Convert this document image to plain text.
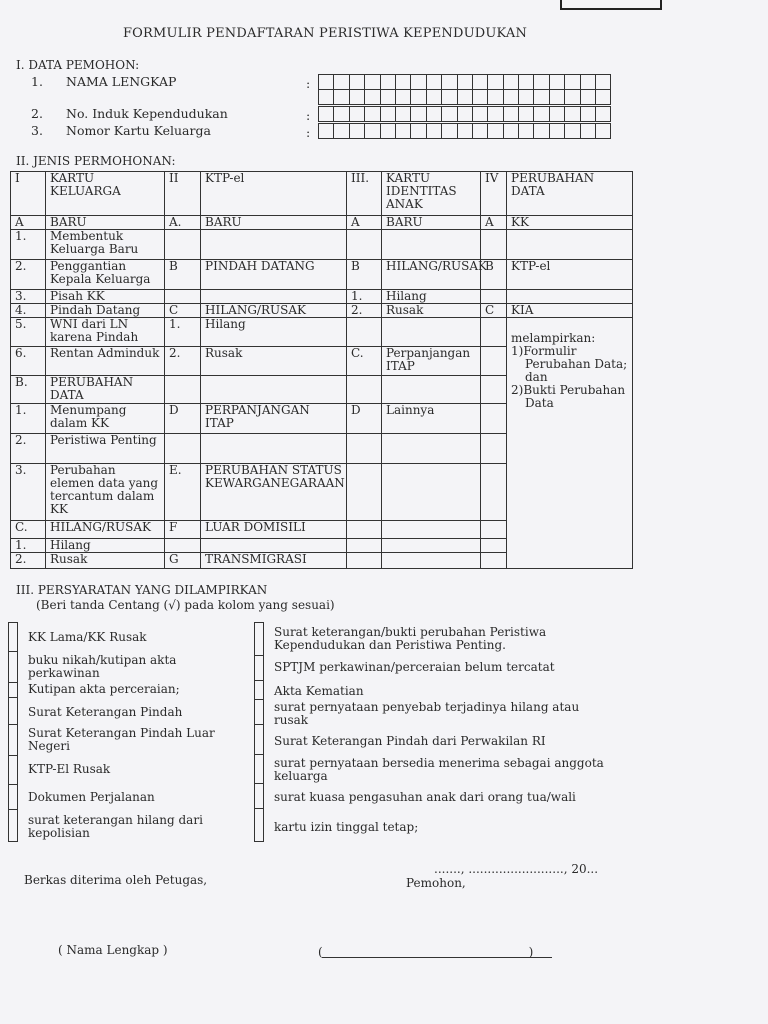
FORMULIR PENDAFTARAN PERISTIWA KEPENDUDUKAN
I. DATA PEMOHON:
1. NAMA LENGKAP	:
2. No. Induk Kependudukan	:
3. Nomor Kartu Keluarga	:
II. JENIS PERMOHONAN:
I	KARTU KELUARGA	II	KTP-el	III.	KARTU IDENTITAS ANAK	IV	PERUBAHAN DATA	
A	BARU	A.	BARU	A	BARU	A	KK	
1.	Membentuk Keluarga Baru							
2.	Penggantian Kepala Keluarga	B	PINDAH DATANG	B	HILANG/RUSAK	B	KTP-el	
3.	Pisah KK			1.	Hilang			
4.	Pindah Datang	C	HILANG/RUSAK	2.	Rusak	C	KIA	
5.	WNI dari LN karena Pindah	1.	Hilang				melampirkan:
1)Formulir Perubahan Data; dan
2)Bukti Perubahan Data	

6.	Rentan Adminduk	2.	Rusak	C.	Perpanjangan ITAP			
B.	PERUBAHAN DATA							
1.	Menumpang dalam KK	D	PERPANJANGAN ITAP	D	Lainnya			
2.	Peristiwa Penting							
3.	Perubahan elemen data yang tercantum dalam KK	E.	PERUBAHAN STATUS KEWARGANEGARAAN					
C.	HILANG/RUSAK	F	LUAR DOMISILI					
1.	Hilang							
2.	Rusak	G	TRANSMIGRASI					
III. PERSYARATAN YANG DILAMPIRKAN
(Beri tanda Centang (√) pada kolom yang sesuai)
KK Lama/KK Rusak
buku nikah/kutipan akta perkawinan
Kutipan akta perceraian;
Surat Keterangan Pindah
Surat Keterangan Pindah Luar Negeri
KTP-El Rusak
Dokumen Perjalanan
surat keterangan hilang dari kepolisian
Surat keterangan/bukti perubahan Peristiwa Kependudukan dan Peristiwa Penting.
SPTJM perkawinan/perceraian belum tercatat
Akta Kematian
surat pernyataan penyebab terjadinya hilang atau rusak
Surat Keterangan Pindah dari Perwakilan RI
surat pernyataan bersedia menerima sebagai anggota keluarga
surat kuasa pengasuhan anak dari orang tua/wali
kartu izin tinggal tetap;
......., ........................., 20...
Berkas diterima oleh Petugas,	Pemohon,
( Nama Lengkap )	(                                                      )
